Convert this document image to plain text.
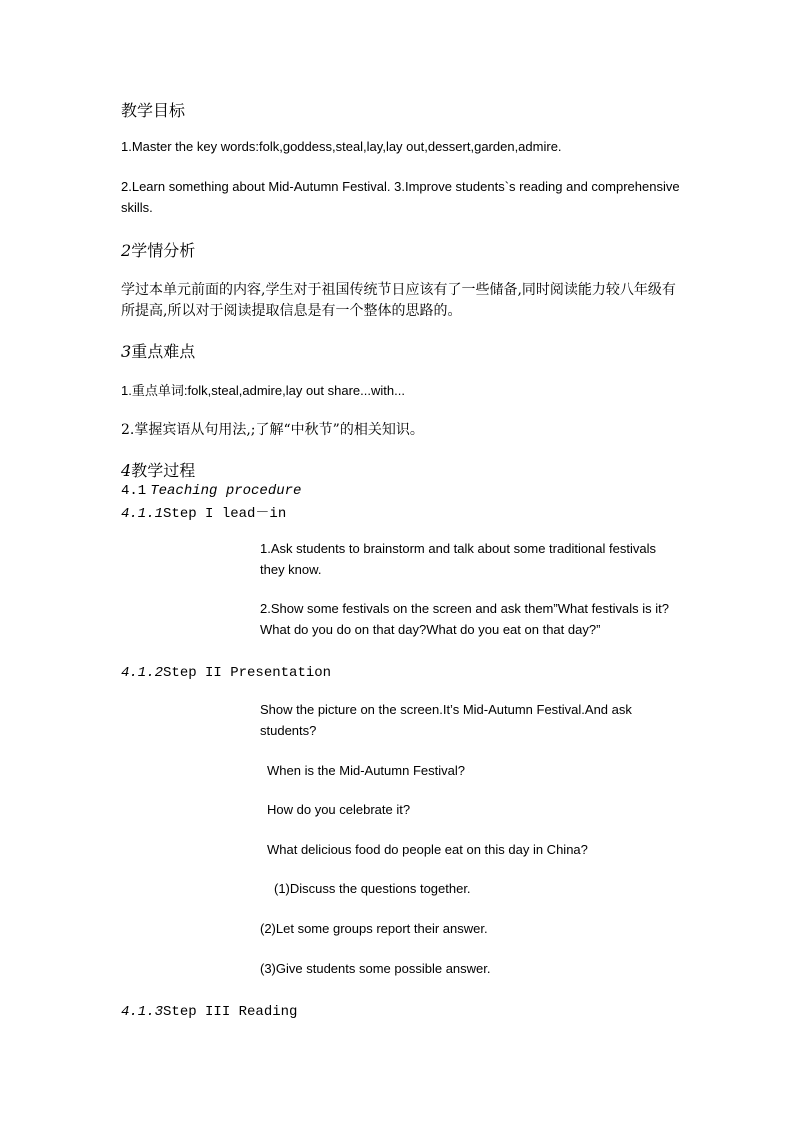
教学目标
1.Master the key words:folk,goddess,steal,lay,lay out,dessert,garden,admire.
2.Learn something about Mid-Autumn Festival. 3.Improve students`s reading and comprehensive
skills.
2学情分析
学过本单元前面的内容,学生对于祖国传统节日应该有了一些储备,同时阅读能力较八年级有
所提高,所以对于阅读提取信息是有一个整体的思路的。
3重点难点
1.重点单词:folk,steal,admire,lay out share...with...
2.掌握宾语从句用法,;了解“中秋节”的相关知识。
4教学过程
4.1 Teaching procedure
4.1.1Step I lead－in
1.Ask students to brainstorm and talk about some traditional festivals
they know.
2.Show some festivals on the screen and ask them”What festivals is it?
What do you do on that day?What do you eat on that day?”
4.1.2Step II Presentation
Show the picture on the screen.It’s Mid-Autumn Festival.And ask
students?
When is the Mid-Autumn Festival?
How do you celebrate it?
What delicious food do people eat on this day in China?
(1)Discuss the questions together.
(2)Let some groups report their answer.
(3)Give students some possible answer.
4.1.3Step III Reading
